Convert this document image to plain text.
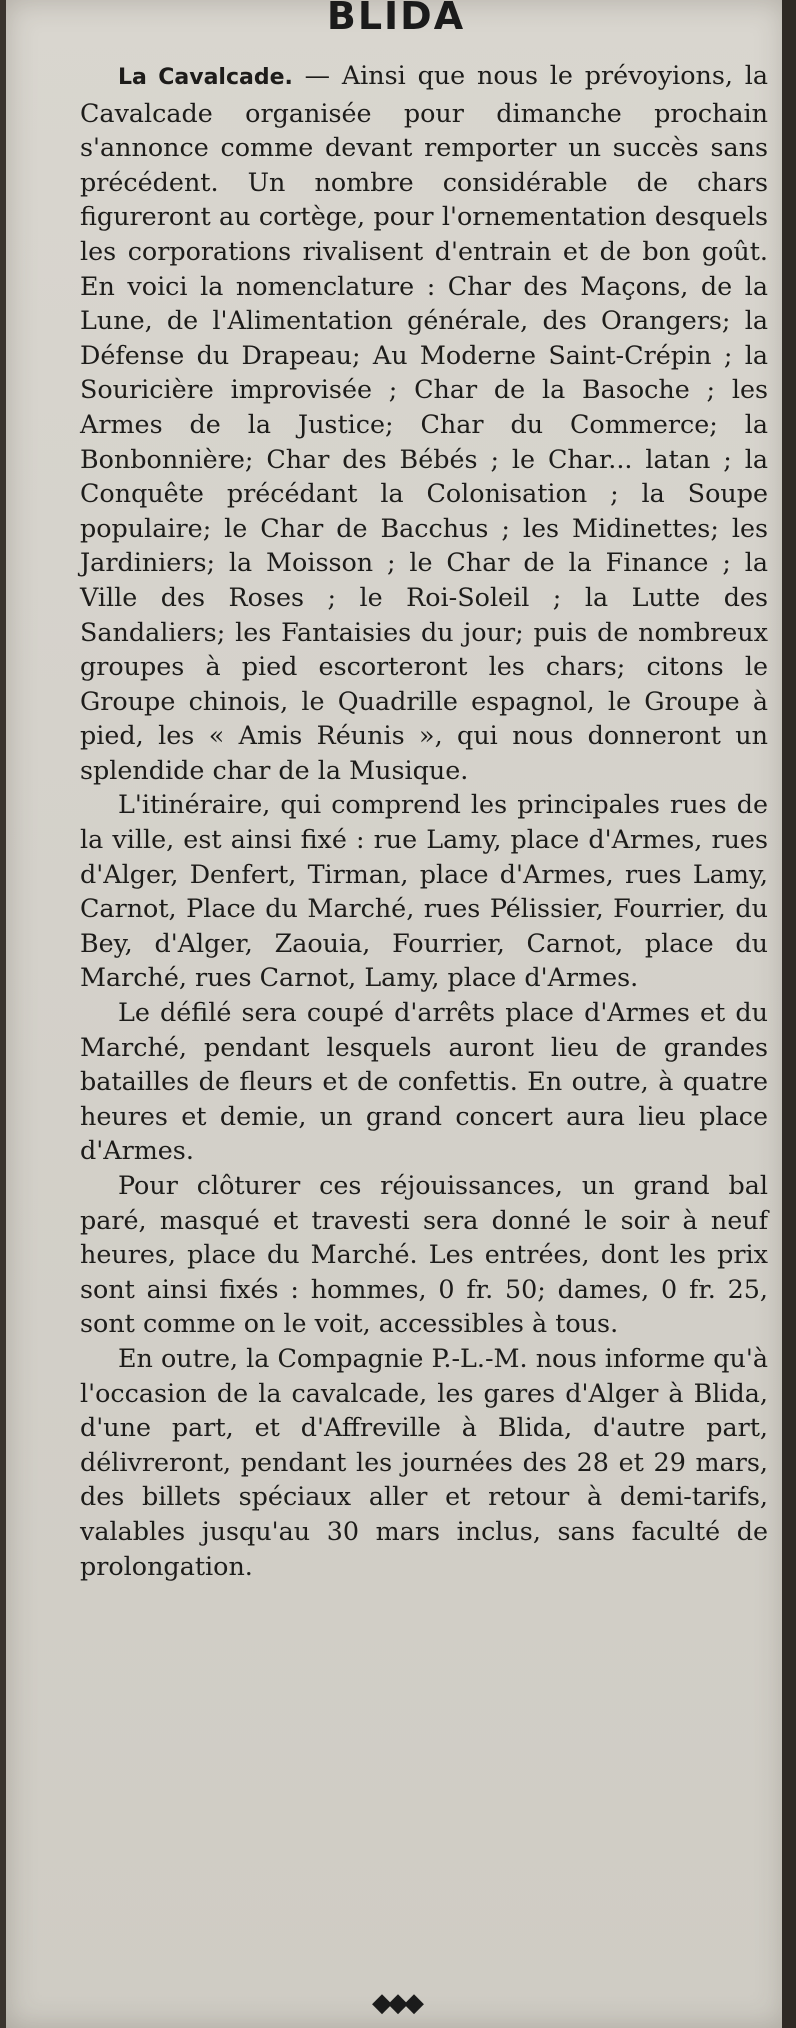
BLIDA

La Cavalcade. — Ainsi que nous le prévoyions, la Cavalcade organisée pour dimanche prochain s'annonce comme devant remporter un succès sans précédent. Un nombre considérable de chars figureront au cortège, pour l'ornementation desquels les corporations rivalisent d'entrain et de bon goût. En voici la nomenclature : Char des Maçons, de la Lune, de l'Alimentation générale, des Orangers; la Défense du Drapeau; Au Moderne Saint-Crépin ; la Souricière improvisée ; Char de la Basoche ; les Armes de la Justice; Char du Commerce; la Bonbonnière; Char des Bébés ; le Char... latan ; la Conquête précédant la Colonisation ; la Soupe populaire; le Char de Bacchus ; les Midinettes; les Jardiniers; la Moisson ; le Char de la Finance ; la Ville des Roses ; le Roi-Soleil ; la Lutte des Sandaliers; les Fantaisies du jour; puis de nombreux groupes à pied escorteront les chars; citons le Groupe chinois, le Quadrille espagnol, le Groupe à pied, les « Amis Réunis », qui nous donneront un splendide char de la Musique.

L'itinéraire, qui comprend les principales rues de la ville, est ainsi fixé : rue Lamy, place d'Armes, rues d'Alger, Denfert, Tirman, place d'Armes, rues Lamy, Carnot, Place du Marché, rues Pélissier, Fourrier, du Bey, d'Alger, Zaouia, Fourrier, Carnot, place du Marché, rues Carnot, Lamy, place d'Armes.

Le défilé sera coupé d'arrêts place d'Armes et du Marché, pendant lesquels auront lieu de grandes batailles de fleurs et de confettis. En outre, à quatre heures et demie, un grand concert aura lieu place d'Armes.

Pour clôturer ces réjouissances, un grand bal paré, masqué et travesti sera donné le soir à neuf heures, place du Marché. Les entrées, dont les prix sont ainsi fixés : hommes, 0 fr. 50; dames, 0 fr. 25, sont comme on le voit, accessibles à tous.

En outre, la Compagnie P.-L.-M. nous informe qu'à l'occasion de la cavalcade, les gares d'Alger à Blida, d'une part, et d'Affreville à Blida, d'autre part, délivreront, pendant les journées des 28 et 29 mars, des billets spéciaux aller et retour à demi-tarifs, valables jusqu'au 30 mars inclus, sans faculté de prolongation.

◆◆◆
